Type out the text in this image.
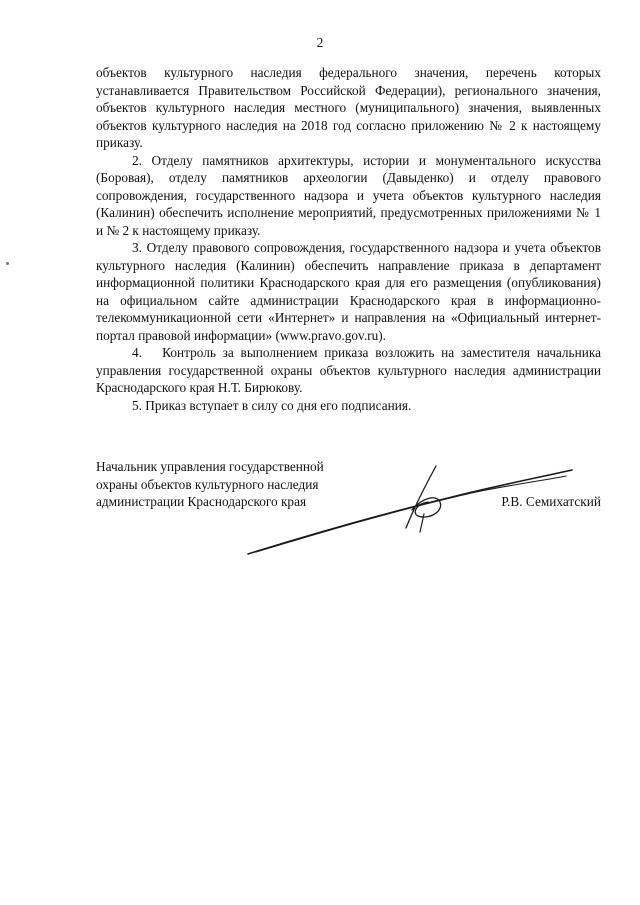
2

объектов культурного наследия федерального значения, перечень которых устанавливается Правительством Российской Федерации), регионального значения, объектов культурного наследия местного (муниципального) значения, выявленных объектов культурного наследия на 2018 год согласно приложению № 2 к настоящему приказу.

2. Отделу памятников архитектуры, истории и монументального искусства (Боровая), отделу памятников археологии (Давыденко) и отделу правового сопровождения, государственного надзора и учета объектов культурного наследия (Калинин) обеспечить исполнение мероприятий, предусмотренных приложениями № 1 и № 2 к настоящему приказу.

3. Отделу правового сопровождения, государственного надзора и учета объектов культурного наследия (Калинин) обеспечить направление приказа в департамент информационной политики Краснодарского края для его размещения (опубликования) на официальном сайте администрации Краснодарского края в информационно-телекоммуникационной сети «Интернет» и направления на «Официальный интернет-портал правовой информации» (www.pravo.gov.ru).

4.   Контроль за выполнением приказа возложить на заместителя начальника управления государственной охраны объектов культурного наследия администрации Краснодарского края Н.Т. Бирюкову.

5. Приказ вступает в силу со дня его подписания.

Начальник управления государственной
охраны объектов культурного наследия
администрации Краснодарского края	Р.В. Семихатский
